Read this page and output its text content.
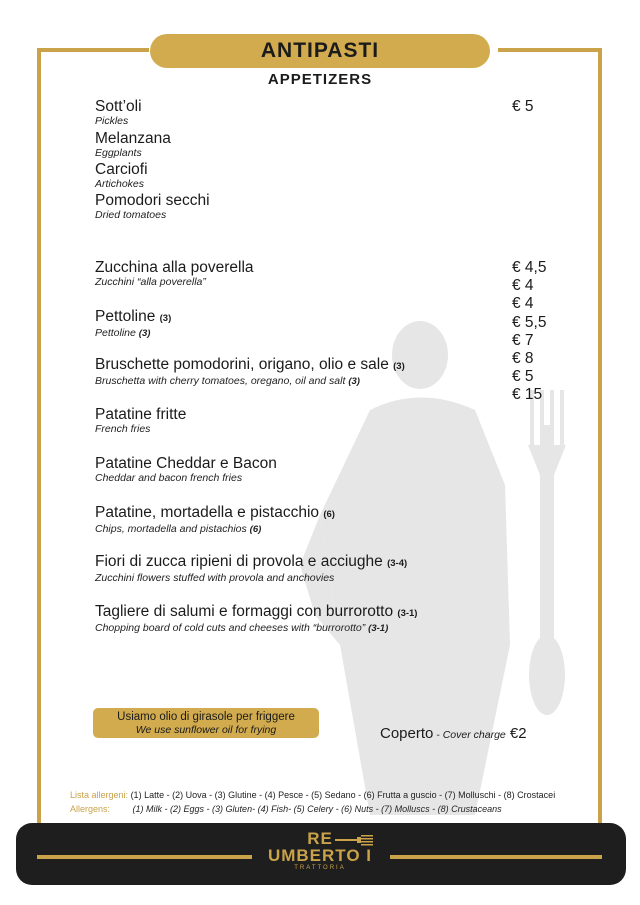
ANTIPASTI
APPETIZERS
Sott’oli
Pickles
Melanzana
Eggplants
Carciofi
Artichokes
Pomodori secchi
Dried tomatoes
€ 5
Zucchina alla poverella
Zucchini “alla poverella”
Pettoline (3)
Pettoline (3)
Bruschette pomodorini, origano, olio e sale (3)
Bruschetta with cherry tomatoes, oregano, oil and salt (3)
Patatine fritte
French fries
Patatine Cheddar e Bacon
Cheddar and bacon french fries
Patatine, mortadella e pistacchio (6)
Chips, mortadella and pistachios (6)
Fiori di zucca ripieni di provola e acciughe (3-4)
Zucchini flowers stuffed with provola and anchovies
Tagliere di salumi e formaggi con burrorotto (3-1)
Chopping board of cold cuts and cheeses with “burrorotto” (3-1)
€ 4,5
€ 4
€ 4
€ 5,5
€ 7
€ 8
€ 5
€ 15
Usiamo olio di girasole per friggere
We use sunflower oil for frying	Coperto - Cover charge €2
Lista allergeni: (1) Latte - (2) Uova - (3) Glutine - (4) Pesce - (5) Sedano - (6) Frutta a guscio - (7) Molluschi - (8) Crostacei
Allergens:	(1) Milk - (2) Eggs - (3) Gluten- (4) Fish- (5) Celery - (6) Nuts - (7) Molluscs - (8) Crustaceans
RE
UMBERTO I
TRATTORIA
